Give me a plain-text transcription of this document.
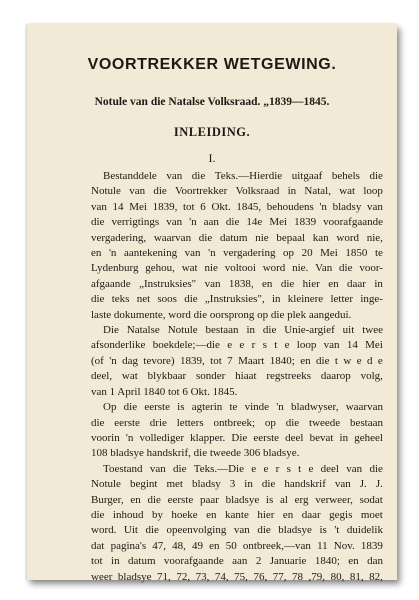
VOORTREKKER WETGEWING.
Notule van die Natalse Volksraad. „1839—1845.
INLEIDING.
I.
Bestanddele van die Teks.—Hierdie uitgaaf behels die
Notule van die Voortrekker Volksraad in Natal, wat loop
van 14 Mei 1839, tot 6 Okt. 1845, behoudens 'n bladsy van
die verrigtings van 'n aan die 14e Mei 1839 voorafgaande
vergadering, waarvan die datum nie bepaal kan word nie,
en 'n aantekening van 'n vergadering op 20 Mei 1850 te
Lydenburg gehou, wat nie voltooi word nie. Van die voor-
afgaande „Instruksies" van 1838, en die hier en daar in
die teks net soos die „Instruksies", in kleinere letter inge-
laste dokumente, word die oorsprong op die plek aangedui.
Die Natalse Notule bestaan in die Unie-argief uit twee
afsonderlike boekdele;—die e e r s t e loop van 14 Mei
(of 'n dag tevore) 1839, tot 7 Maart 1840; en die t w e d e
deel, wat blykbaar sonder hiaat regstreeks daarop volg,
van 1 April 1840 tot 6 Okt. 1845.
Op die eerste is agterin te vinde 'n bladwyser, waarvan
die eerste drie letters ontbreek; op die tweede bestaan
voorin 'n vollediger klapper. Die eerste deel bevat in geheel
108 bladsye handskrif, die tweede 306 bladsye.
Toestand van die Teks.—Die e e r s t e deel van die
Notule begint met bladsy 3 in die handskrif van J. J.
Burger, en die eerste paar bladsye is al erg verweer, sodat
die inhoud by hoeke en kante hier en daar gegis moet
word. Uit die opeenvolging van die bladsye is 't duidelik
dat pagina's 47, 48, 49 en 50 ontbreek,—van 11 Nov. 1839
tot in datum voorafgaande aan 2 Januarie 1840; en dan
weer bladsye 71, 72, 73, 74, 75, 76, 77, 78 ,79, 80, 81, 82,
